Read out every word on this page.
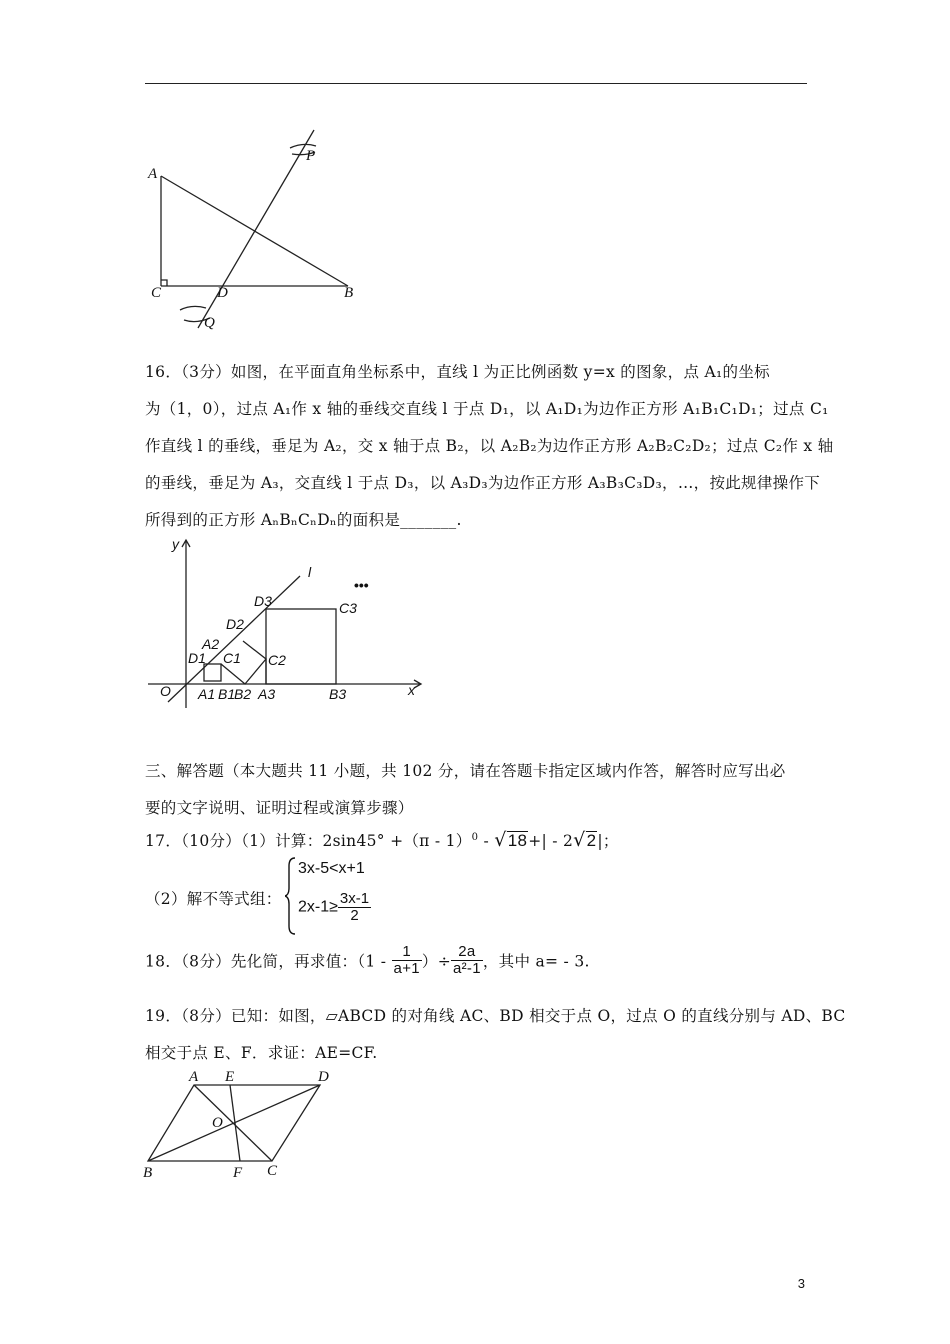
A
C	D	B
P
Q
16．（3分）如图，在平面直角坐标系中，直线 l 为正比例函数 y=x 的图象，点 A₁的坐标
为（1，0），过点 A₁作 x 轴的垂线交直线 l 于点 D₁，以 A₁D₁为边作正方形 A₁B₁C₁D₁；过点 C₁
作直线 l 的垂线，垂足为 A₂，交 x 轴于点 B₂，以 A₂B₂为边作正方形 A₂B₂C₂D₂；过点 C₂作 x 轴
的垂线，垂足为 A₃，交直线 l 于点 D₃，以 A₃D₃为边作正方形 A₃B₃C₃D₃，…，按此规律操作下
所得到的正方形 AₙBₙCₙDₙ的面积是_______.
y
x
l
O
•••
D1
A2
C1
A1 B1
B2
D2
C2
A3
D3	C3
B3
三、解答题（本大题共 11 小题，共 102 分，请在答题卡指定区域内作答，解答时应写出必
要的文字说明、证明过程或演算步骤）
17．（10分）（1）计算：2sin45° +（π - 1）$^0$ - √18+| - 2√2|；
（2）解不等式组：
3x-5<x+1
$2x-1\ge \frac{3x-1}{2}$
18．（8分）先化简，再求值：（$1 - \frac{1}{a+1}$ ）÷ $\frac{2a}{\text{a²-1}}$ ，其中 a= - 3.
19．（8分）已知：如图，▱ABCD 的对角线 AC、BD 相交于点 O，过点 O 的直线分别与 AD、BC
相交于点 E、F．求证：AE=CF.
A E	D
O
B	F C
3
